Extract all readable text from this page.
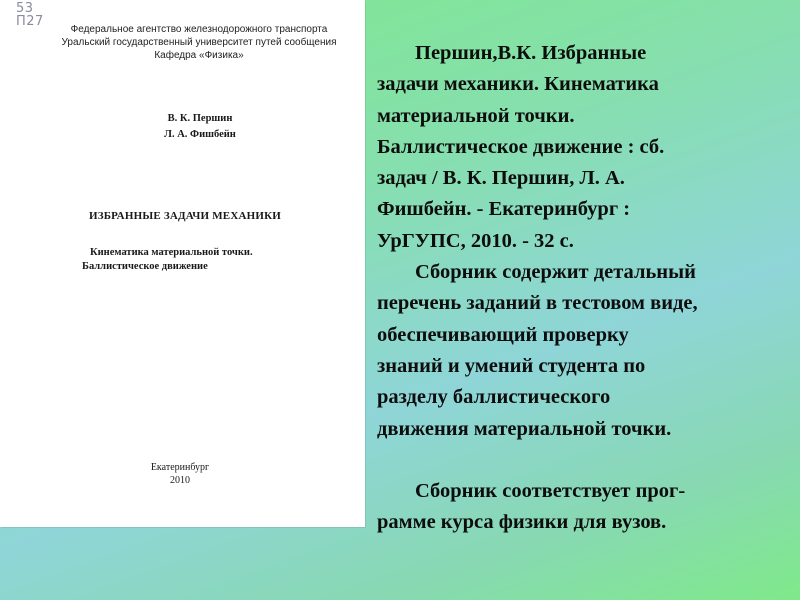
53
П27
Федеральное агентство железнодорожного транспорта
Уральский государственный университет путей сообщения
Кафедра «Физика»
В. К. Першин
Л. А. Фишбейн
ИЗБРАННЫЕ ЗАДАЧИ МЕХАНИКИ
Кинематика материальной точки.
Баллистическое движение
Екатеринбург
2010

Першин,В.К. Избранные
задачи механики. Кинематика
материальной точки.
Баллистическое движение : сб.
задач / В. К. Першин, Л. А.
Фишбейн. - Екатеринбург :
УрГУПС, 2010. - 32 с.

Сборник содержит детальный
перечень заданий в тестовом виде,
обеспечивающий проверку
знаний и умений студента по
разделу баллистического
движения материальной точки.

Сборник соответствует прог-
рамме курса физики для вузов.
